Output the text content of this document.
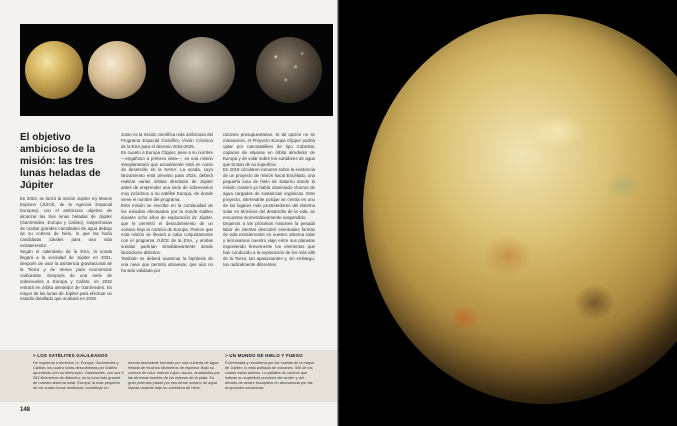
El objetivo ambicioso de la misión: las tres lunas heladas de Júpiter
En 2023, se lanzó la misión Jupiter Icy Moons Explorer (JUICE, de la Agencia Espacial Europea), con el ambicioso objetivo de alcanzar las tres lunas heladas de Júpiter (Ganímedes, Europa y Calisto), sospechosas de ocultar grandes cantidades de agua debajo de su corteza de hielo, lo que las haría candidatas ideales para una vida extraterrestre.
Según el calendario de la ESA, la sonda llegará a la vecindad de Júpiter en 2031, después de usar la asistencia gravitacional de la Tierra y de Venus para economizar carburante. Después de una serie de sobrevuelos a Europa y Calisto, en 2032 entrará en órbita alrededor de Ganímedes. Es mayor de las lunas de Júpiter para efectuar un estudio detallado que acabará en 2035.
Junto es la misión científica más ambiciosa del Programa Espacial Científico Visión Cósmica de la ESA para el decenio 2015-2025.
En cuanto a Europa Clipper, pese a su nombre —engañoso a primera vista—, es una misión interplanetaria que actualmente está en curso de desarrollo en la NASA. La sonda, cuyo lanzamiento está previsto para 2024, deberá realizar varias órbitas alrededor de Júpiter antes de emprender una serie de sobrevuelos muy próximos a su satélite Europa, de donde viene el nombre del programa.
Esta misión se inscribe en la continuidad de los estudios efectuados por la sonda Galileo durante ocho años de exploración de Júpiter, que le permitió el descubrimiento de un océano bajo la corteza de Europa. Parece que esta misión se llevará a cabo conjuntamente con el programa JUICE de la ESA, y ambas sondas partirían simultáneamente desde lanzadores distintos.
También se deberá examinar la hipótesis de una nave que permita atravesar, que aún no ha sido validada por
razones presupuestarias. Si tal opción no se mantuviera, el Proyecto Europa Clipper podría optar por nanosatélites de tipo CubeSat, capaces de situarse en órbita alrededor de Europa y de volar sobre los surtidores de agua que brotan de su superficie.
En 2019 circularon rumores sobre la existencia de un proyecto de misión hacia Encélado, una pequeña luna de hielo de Saturno donde la misión Cassini ya había observado chorros de agua cargados de sustancias orgánicas. Este proyecto, interesante porque se centra en uno de los lugares más prometedores del sistema solar en términos del desarrollo de la vida, se encuentra momentáneamente suspendido.
Dejamos a las próximas misiones la pesada labor de intentar descubrir eventuales formas de vida extraterrestre en nuestro sistema solar y terminamos nuestro viaje entre sus planetas exponiendo brevemente los elementos que han conducido a la exploración de los más allá de la Tierra, tan apasionantes y, sin embargo, tan radicalmente diferentes.
> LOS SATÉLITES GALILEANOS	> UN MUNDO DE HIELO Y FUEGO
De izquierda a derecha: Io, Europa, Ganímedes y Calisto, los cuatro lunas descubiertas por Galileo apuntando con su telescopio. Ganímedes, con sus 5 262 kilómetros de diámetro, es la luna más grande de nuestro sistema solar. Europa, la más pequeña de los cuatro lunas mediceas, constituye un
mundo fascinante formado por una cubierta de agua helada de muchos kilómetros de espesor. Bajo su corteza de color marrón rojizo oscuro, analizados por las térmicas fuentes de los mareas de la plata. Su gran potencia pasan por sus tenue océano de agua líquida durante bajo su cobertura de hielo.
Pulverizada y recubierta por las huellas de la mayor de Júpiter, Io está poblada de volcanes: 300 de los cuales están activos. La palabra de colores que indican su superficie proviene del azufre y del dióxido de azufre escupidos en abundancia por las erupciones volcánicas.

148
